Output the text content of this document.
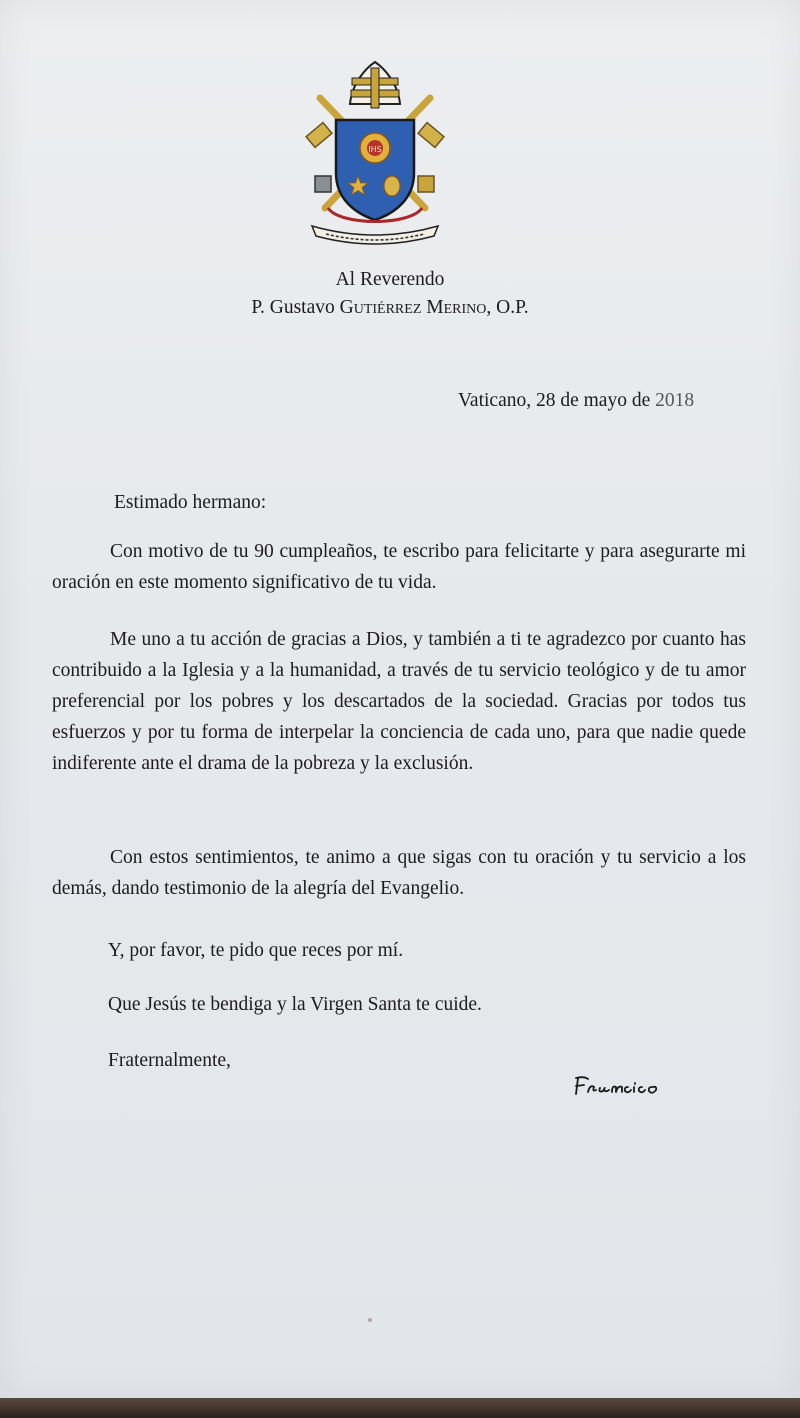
IHS
Al Reverendo
P. Gustavo Gutiérrez Merino, O.P.
Vaticano, 28 de mayo de 2018
Estimado hermano:

Con motivo de tu 90 cumpleaños, te escribo para felicitarte y para asegurarte mi oración en este momento significativo de tu vida.

Me uno a tu acción de gracias a Dios, y también a ti te agradezco por cuanto has contribuido a la Iglesia y a la humanidad, a través de tu servicio teológico y de tu amor preferencial por los pobres y los descartados de la sociedad. Gracias por todos tus esfuerzos y por tu forma de interpelar la conciencia de cada uno, para que nadie quede indiferente ante el drama de la pobreza y la exclusión.

Con estos sentimientos, te animo a que sigas con tu oración y tu servicio a los demás, dando testimonio de la alegría del Evangelio.

Y, por favor, te pido que reces por mí.
Que Jesús te bendiga y la Virgen Santa te cuide.
Fraternalmente,
